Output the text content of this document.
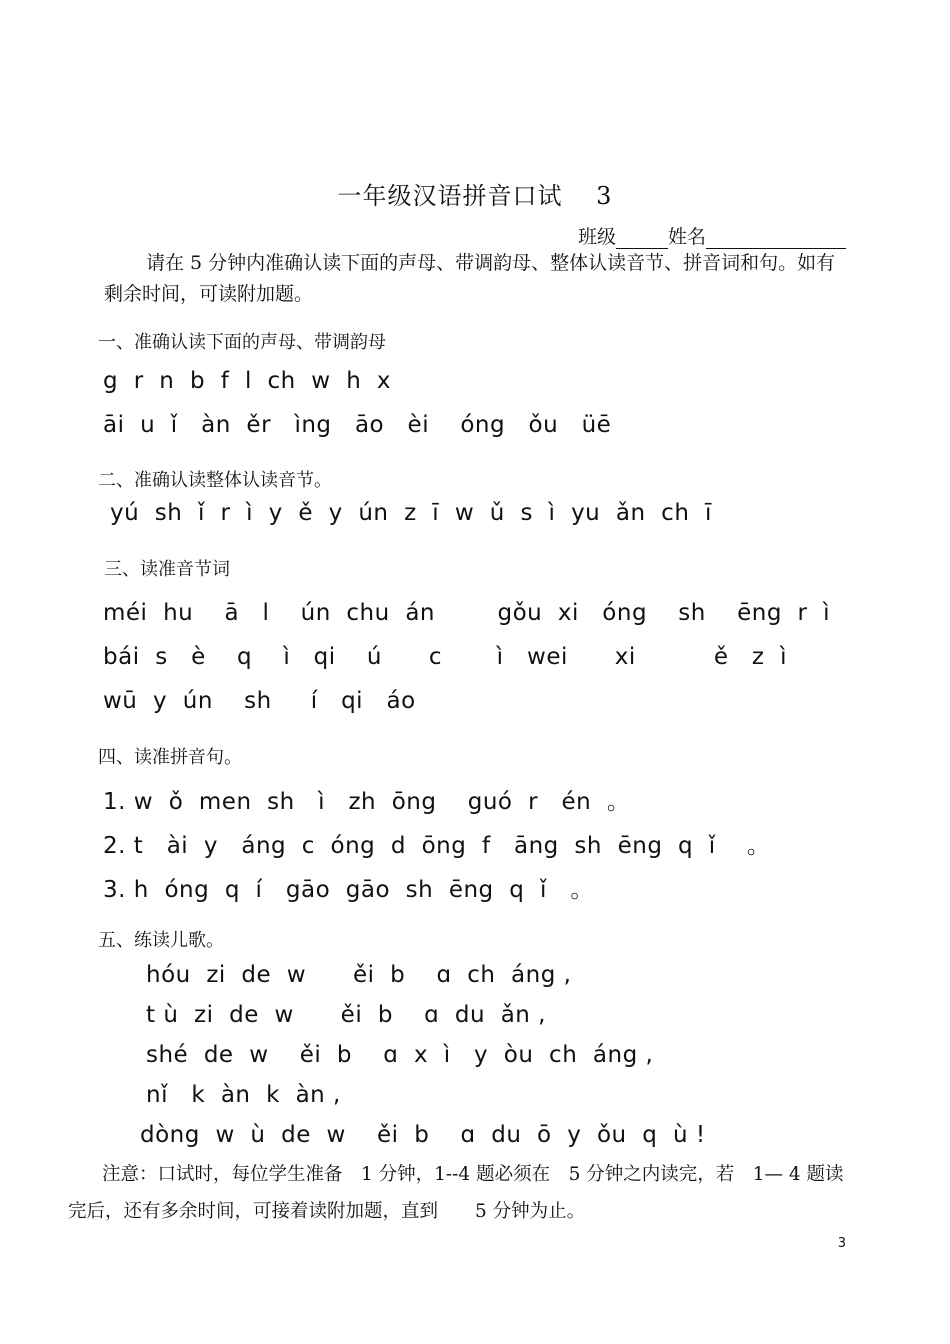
一年级汉语拼音口试　 3
班级	姓名
请在 5 分钟内准确认读下面的声母、带调韵母、整体认读音节、拼音词和句。如有剩余时间，可读附加题。
一、准确认读下面的声母、带调韵母
g  r  n  b  f  l  ch  w  h  x
āi  u  ǐ   àn  ěr   ìng   āo   èi    óng   ǒu   üē
二、准确认读整体认读音节。
yú  sh  ǐ  r  ì  y  ě  y  ún  z  ī  w  ǔ  s  ì  yu  ǎn  ch  ī
三、读准音节词
méi  hu    ā   l    ún  chu  án        gǒu  xi   óng    sh    ēng  r  ì
bái  s   è    q    ì   qi    ú      c       ì   wei      xi          ě   z  ì
wū  y  ún    sh     í   qi   áo
四、读准拼音句。
1. w  ǒ  men  sh   ì   zh  ōng    guó  r   én  。
2. t   ài  y   áng  c  óng  d  ōng  f   āng  sh  ēng  q  ǐ    。
3. h  óng  q  í   gāo  gāo  sh  ēng  q  ǐ   。
五、练读儿歌。
hóu  zi  de  w      ěi  b    ɑ  ch  áng ,
t ù  zi  de  w      ěi  b    ɑ  du  ǎn ,
shé  de  w    ěi  b    ɑ  x  ì   y  òu  ch  áng ,
nǐ   k  àn  k  àn ,
dòng  w  ù  de  w    ěi  b    ɑ  du  ō  y  ǒu  q  ù !
注意：口试时，每位学生准备　1 分钟，1--4 题必须在　5 分钟之内读完，若　1— 4 题读完后，还有多余时间，可接着读附加题，直到　　5 分钟为止。
3
